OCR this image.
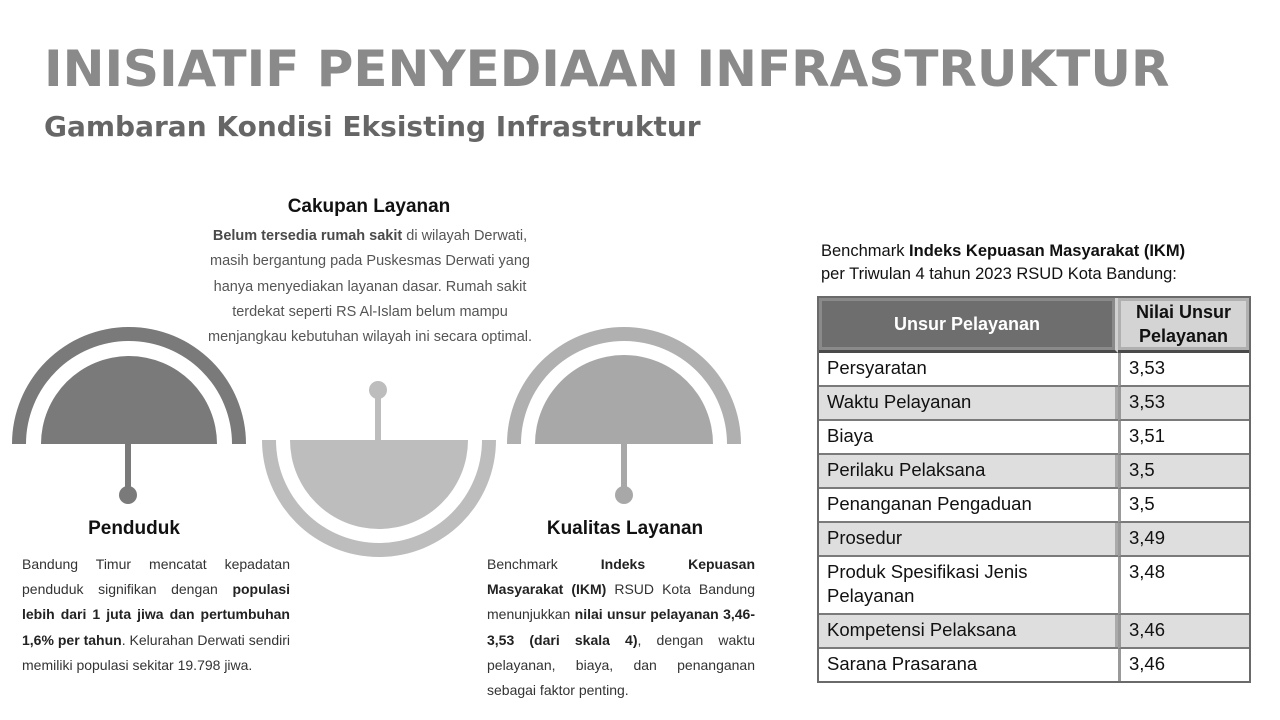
INISIATIF PENYEDIAAN INFRASTRUKTUR
Gambaran Kondisi Eksisting Infrastruktur
Cakupan Layanan

Belum tersedia rumah sakit di wilayah Derwati, masih bergantung pada Puskesmas Derwati yang hanya menyediakan layanan dasar. Rumah sakit terdekat seperti RS Al-Islam belum mampu menjangkau kebutuhan wilayah ini secara optimal.

Penduduk

Bandung Timur mencatat kepadatan penduduk signifikan dengan populasi lebih dari 1 juta jiwa dan pertumbuhan 1,6% per tahun. Kelurahan Derwati sendiri memiliki populasi sekitar 19.798 jiwa.

Kualitas Layanan

Benchmark Indeks Kepuasan Masyarakat (IKM) RSUD Kota Bandung menunjukkan nilai unsur pelayanan 3,46-3,53 (dari skala 4), dengan waktu pelayanan, biaya, dan penanganan sebagai faktor penting.

Benchmark Indeks Kepuasan Masyarakat (IKM)
per Triwulan 4 tahun 2023 RSUD Kota Bandung:

Unsur Pelayanan	Nilai Unsur Pelayanan
Persyaratan	3,53
Waktu Pelayanan	3,53
Biaya	3,51
Perilaku Pelaksana	3,5
Penanganan Pengaduan	3,5
Prosedur	3,49
Produk Spesifikasi Jenis Pelayanan	3,48
Kompetensi Pelaksana	3,46
Sarana Prasarana	3,46
